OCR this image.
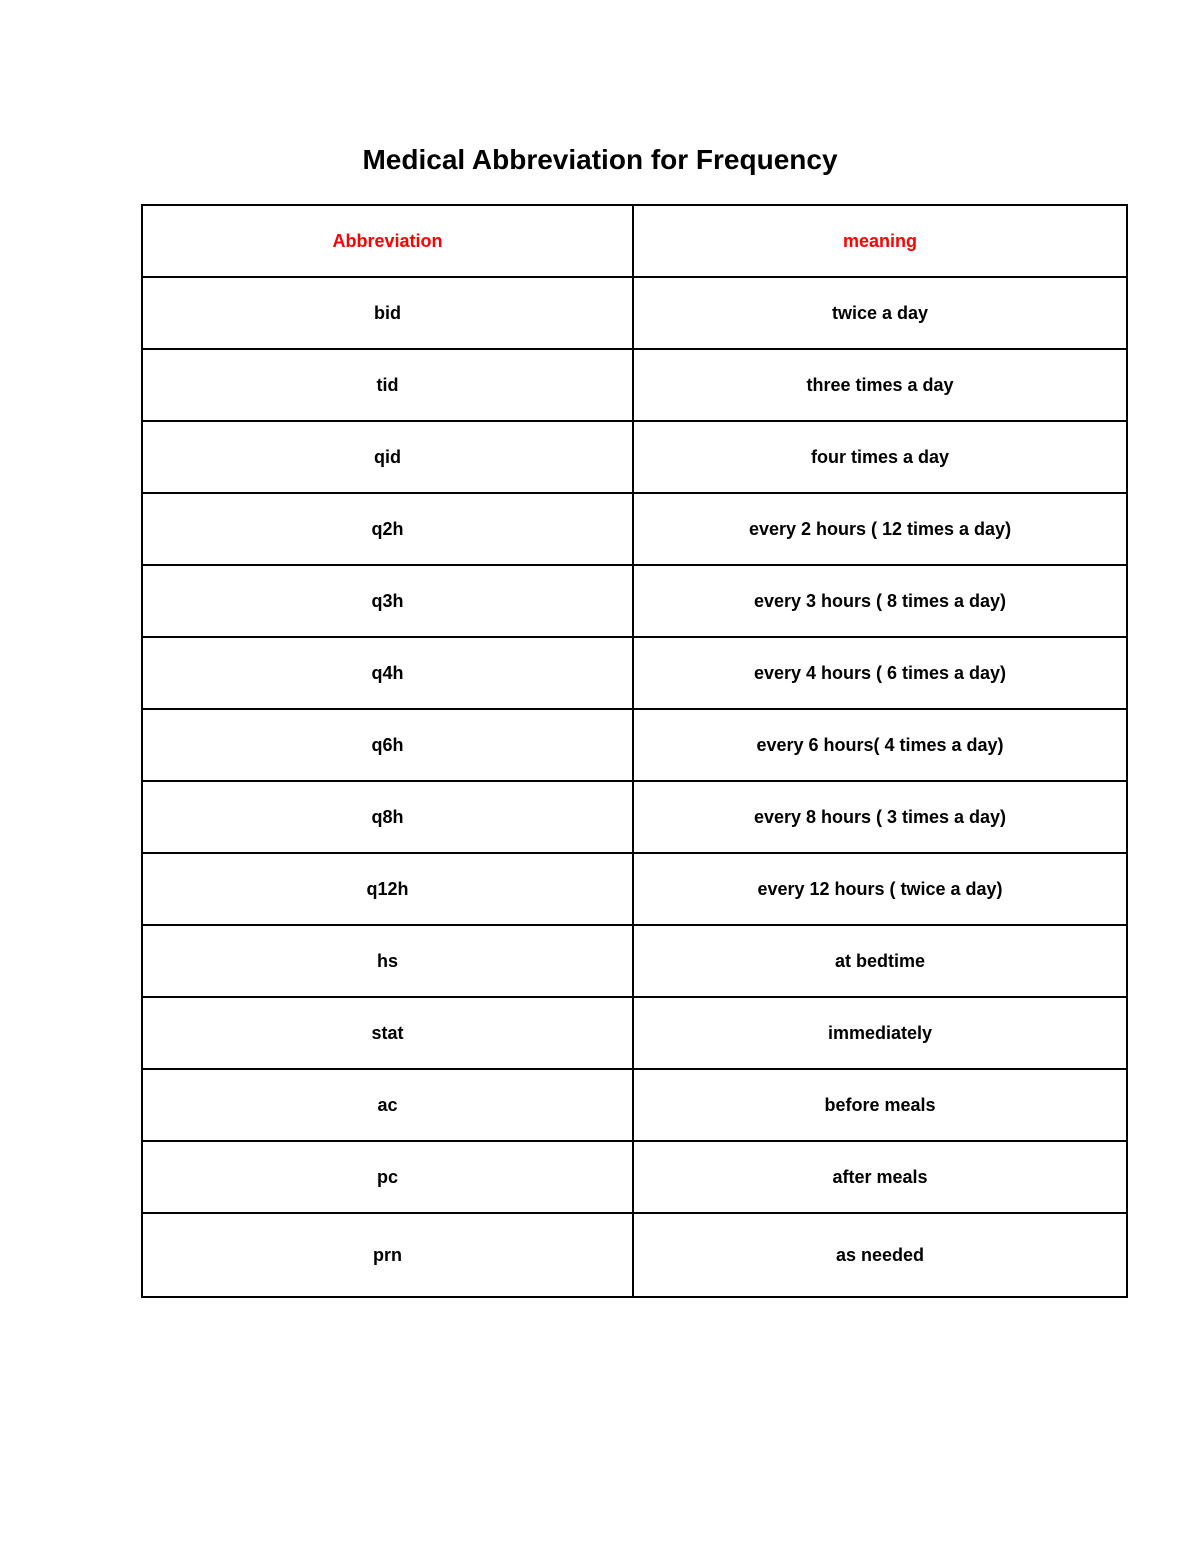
Medical Abbreviation for Frequency
Abbreviation	meaning
bid	twice a day
tid	three times a day
qid	four times a day
q2h	every 2 hours ( 12 times a day)
q3h	every 3 hours ( 8 times a day)
q4h	every 4 hours ( 6 times a day)
q6h	every 6 hours( 4 times a day)
q8h	every 8 hours ( 3 times a day)
q12h	every 12 hours ( twice a day)
hs	at bedtime
stat	immediately
ac	before meals
pc	after meals
prn	as needed
